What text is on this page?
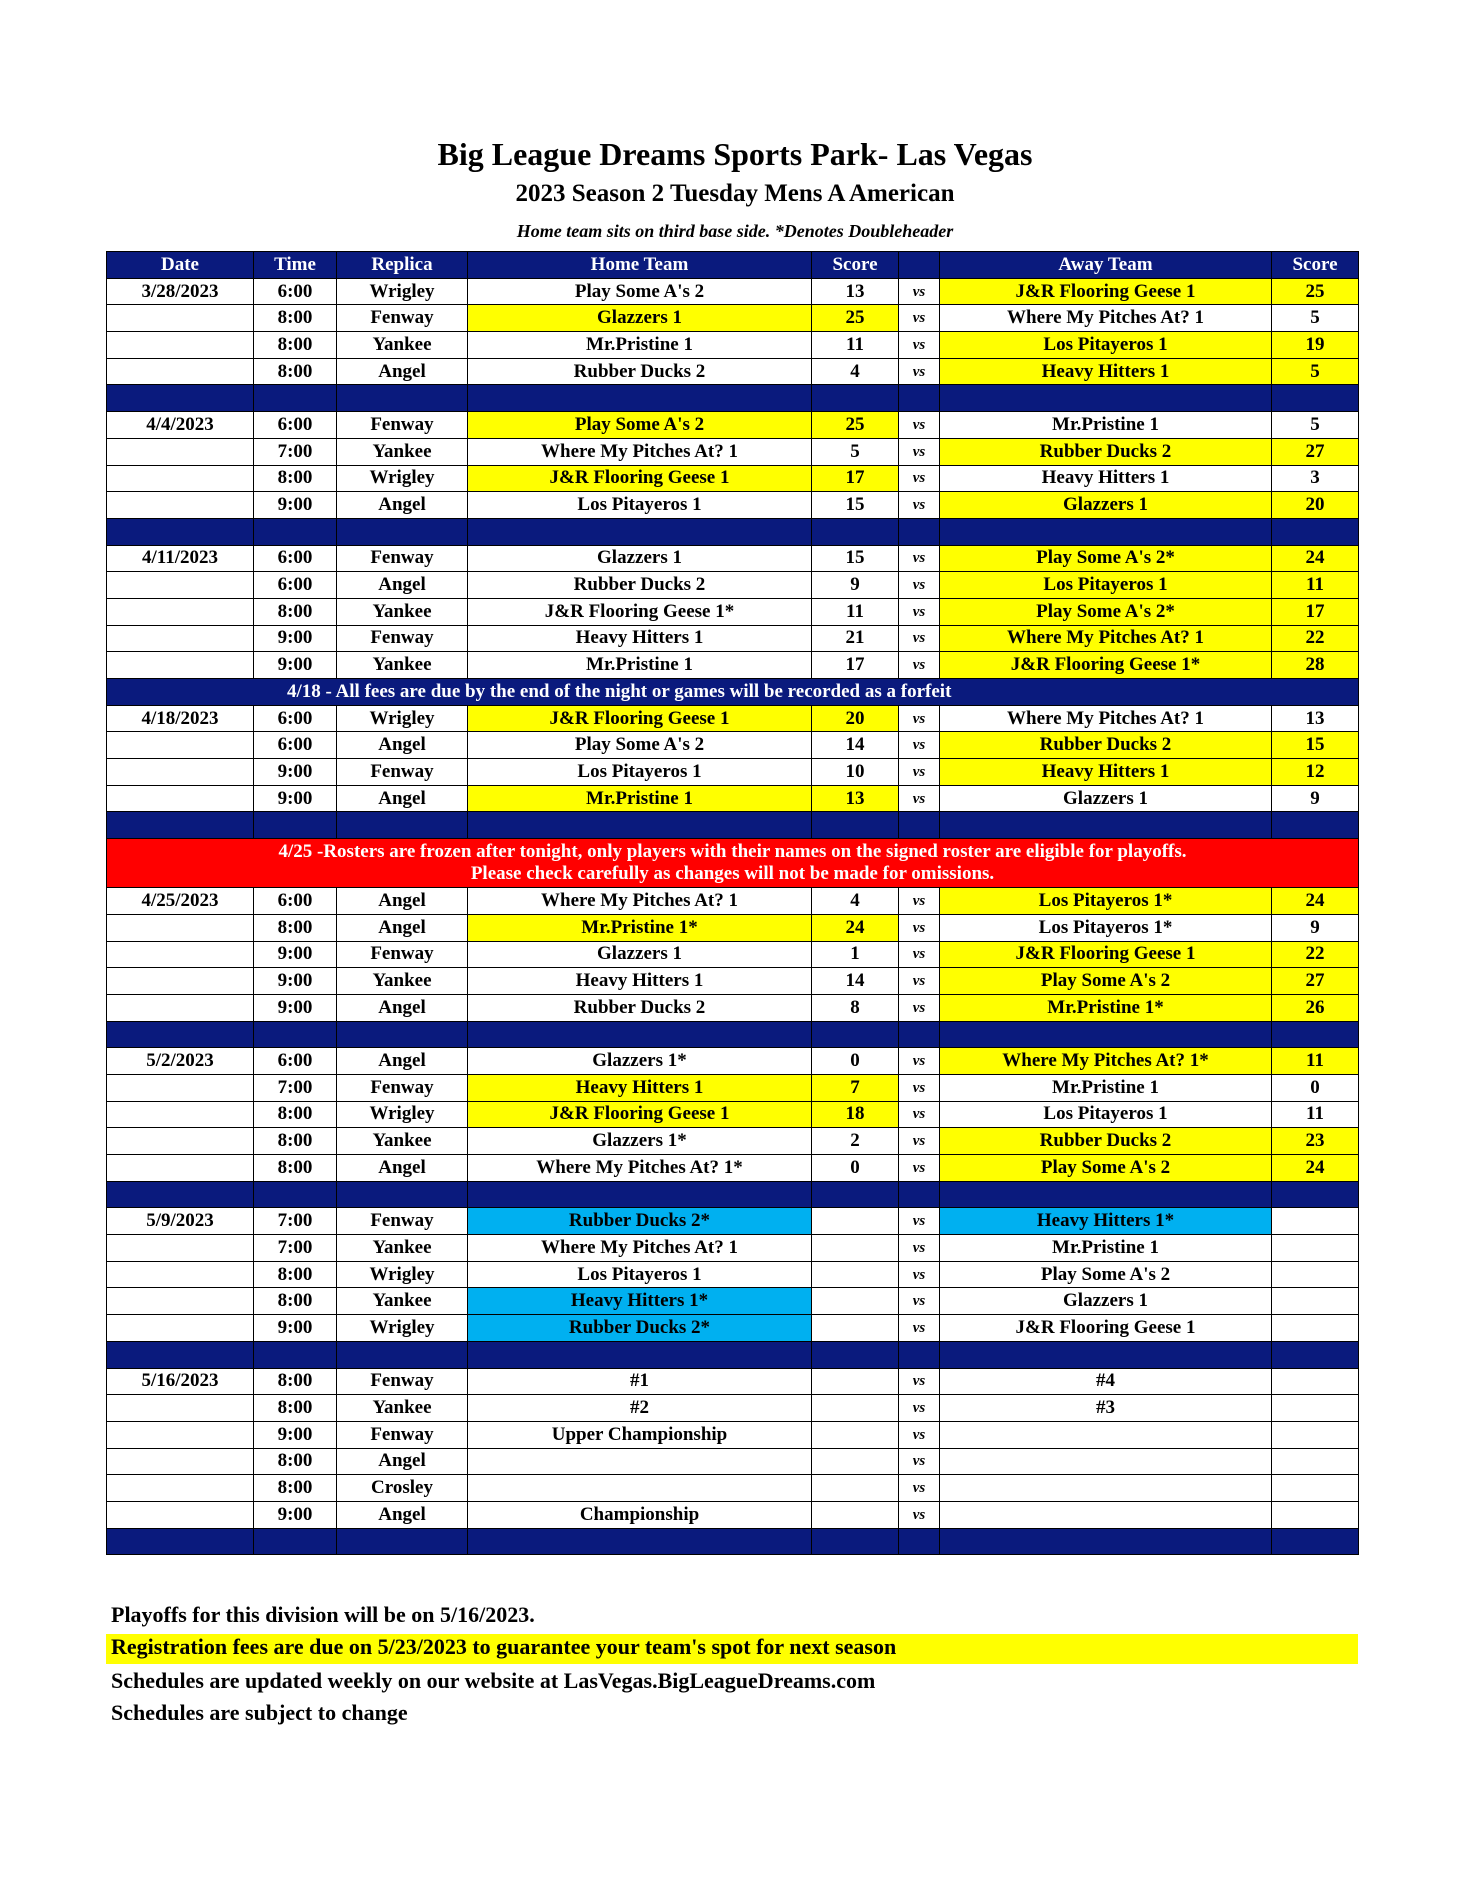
Big League Dreams Sports Park- Las Vegas
2023 Season 2 Tuesday Mens A American
Home team sits on third base side. *Denotes Doubleheader
Date	Time	Replica	Home Team	Score		Away Team	Score
3/28/2023	6:00	Wrigley	Play Some A's 2	13	vs	J&R Flooring Geese 1	25
	8:00	Fenway	Glazzers 1	25	vs	Where My Pitches At? 1	5
	8:00	Yankee	Mr.Pristine 1	11	vs	Los Pitayeros 1	19
	8:00	Angel	Rubber Ducks 2	4	vs	Heavy Hitters 1	5

4/4/2023	6:00	Fenway	Play Some A's 2	25	vs	Mr.Pristine 1	5
	7:00	Yankee	Where My Pitches At? 1	5	vs	Rubber Ducks 2	27
	8:00	Wrigley	J&R Flooring Geese 1	17	vs	Heavy Hitters 1	3
	9:00	Angel	Los Pitayeros 1	15	vs	Glazzers 1	20

4/11/2023	6:00	Fenway	Glazzers 1	15	vs	Play Some A's 2*	24
	6:00	Angel	Rubber Ducks 2	9	vs	Los Pitayeros 1	11
	8:00	Yankee	J&R Flooring Geese 1*	11	vs	Play Some A's 2*	17
	9:00	Fenway	Heavy Hitters 1	21	vs	Where My Pitches At? 1	22
	9:00	Yankee	Mr.Pristine 1	17	vs	J&R Flooring Geese 1*	28
4/18 - All fees are due by the end of the night or games will be recorded as a forfeit							
4/18/2023	6:00	Wrigley	J&R Flooring Geese 1	20	vs	Where My Pitches At? 1	13
	6:00	Angel	Play Some A's 2	14	vs	Rubber Ducks 2	15
	9:00	Fenway	Los Pitayeros 1	10	vs	Heavy Hitters 1	12
	9:00	Angel	Mr.Pristine 1	13	vs	Glazzers 1	9

4/25 -Rosters are frozen after tonight, only players with their names on the signed roster are eligible for playoffs.
Please check carefully as changes will not be made for omissions.							

4/25/2023	6:00	Angel	Where My Pitches At? 1	4	vs	Los Pitayeros 1*	24
	8:00	Angel	Mr.Pristine 1*	24	vs	Los Pitayeros 1*	9
	9:00	Fenway	Glazzers 1	1	vs	J&R Flooring Geese 1	22
	9:00	Yankee	Heavy Hitters 1	14	vs	Play Some A's 2	27
	9:00	Angel	Rubber Ducks 2	8	vs	Mr.Pristine 1*	26

5/2/2023	6:00	Angel	Glazzers 1*	0	vs	Where My Pitches At? 1*	11
	7:00	Fenway	Heavy Hitters 1	7	vs	Mr.Pristine 1	0
	8:00	Wrigley	J&R Flooring Geese 1	18	vs	Los Pitayeros 1	11
	8:00	Yankee	Glazzers 1*	2	vs	Rubber Ducks 2	23
	8:00	Angel	Where My Pitches At? 1*	0	vs	Play Some A's 2	24

5/9/2023	7:00	Fenway	Rubber Ducks 2*		vs	Heavy Hitters 1*	
	7:00	Yankee	Where My Pitches At? 1		vs	Mr.Pristine 1	
	8:00	Wrigley	Los Pitayeros 1		vs	Play Some A's 2	
	8:00	Yankee	Heavy Hitters 1*		vs	Glazzers 1	
	9:00	Wrigley	Rubber Ducks 2*		vs	J&R Flooring Geese 1	

5/16/2023	8:00	Fenway	#1		vs	#4	
	8:00	Yankee	#2		vs	#3	
	9:00	Fenway	Upper Championship		vs		
	8:00	Angel			vs		
	8:00	Crosley			vs		
	9:00	Angel	Championship		vs		

Playoffs for this division will be on 5/16/2023.
Registration fees are due on 5/23/2023 to guarantee your team's spot for next season
Schedules are updated weekly on our website at LasVegas.BigLeagueDreams.com
Schedules are subject to change
